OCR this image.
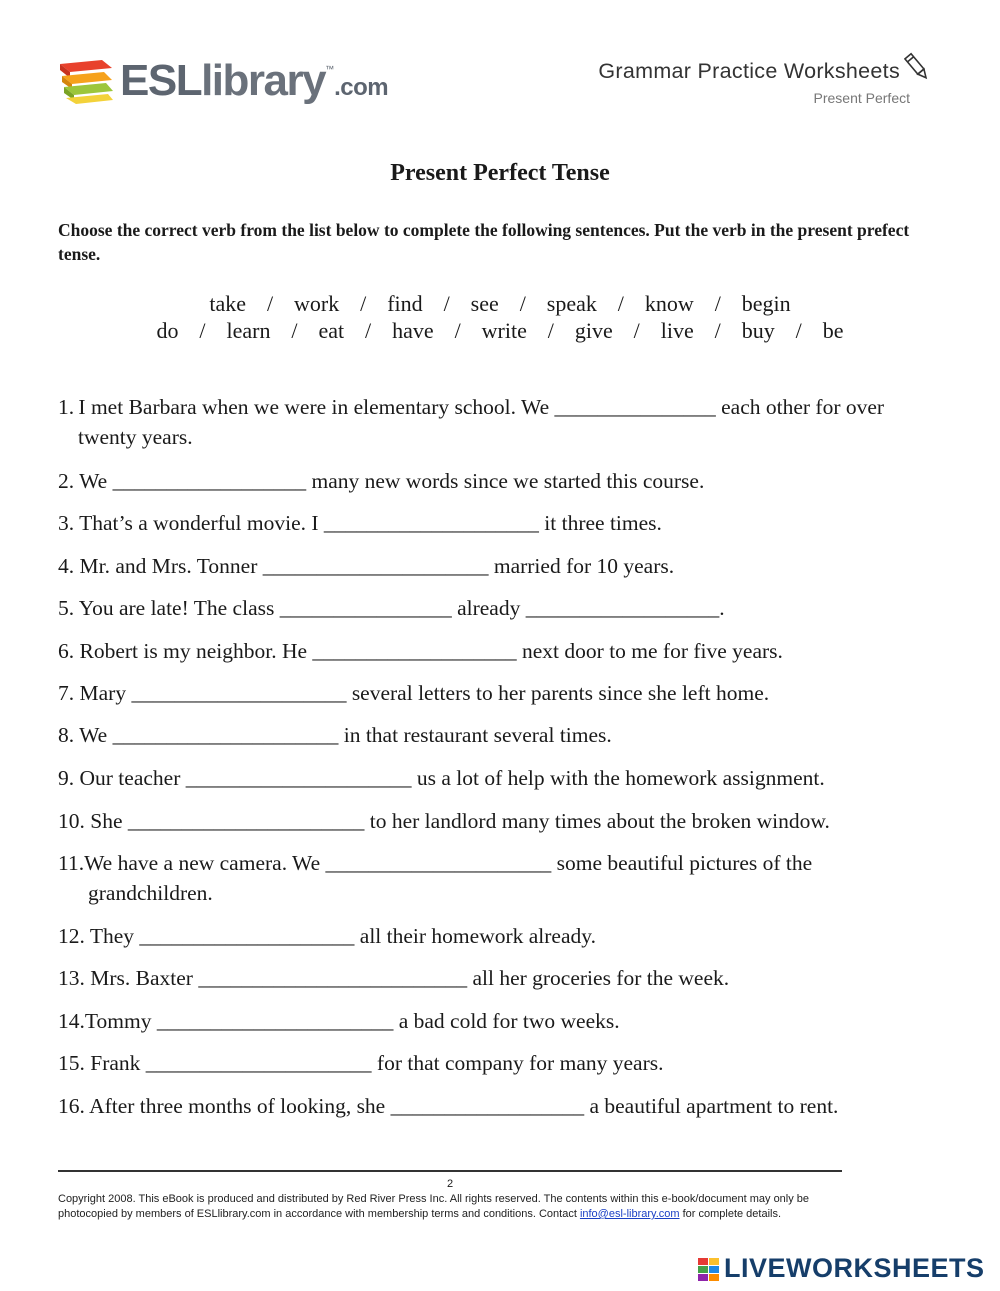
ESLlibrary™.com
Grammar Practice Worksheets
Present Perfect
Present Perfect Tense
Choose the correct verb from the list below to complete the following sentences. Put the verb in the present prefect tense.
take / work / find / see / speak / know / begin
do / learn / eat / have / write / give / live / buy / be
1. I met Barbara when we were in elementary school. We _______________ each other for over
twenty years.
2. We __________________ many new words since we started this course.
3. That’s a wonderful movie. I ____________________ it three times.
4. Mr. and Mrs. Tonner _____________________ married for 10 years.
5. You are late! The class ________________ already __________________.
6. Robert is my neighbor. He ___________________ next door to me for five years.
7. Mary ____________________ several letters to her parents since she left home.
8. We _____________________ in that restaurant several times.
9. Our teacher _____________________ us a lot of help with the homework assignment.
10. She ______________________ to her landlord many times about the broken window.
11.We have a new camera. We _____________________ some beautiful pictures of the
grandchildren.
12. They ____________________ all their homework already.
13. Mrs. Baxter _________________________ all her groceries for the week.
14.Tommy ______________________ a bad cold for two weeks.
15. Frank _____________________ for that company for many years.
16. After three months of looking, she __________________ a beautiful apartment to rent.
2
Copyright 2008. This eBook is produced and distributed by Red River Press Inc. All rights reserved. The contents within this e-book/document may only be
photocopied by members of ESLlibrary.com in accordance with membership terms and conditions. Contact info@esl-library.com for complete details.
LIVEWORKSHEETS
